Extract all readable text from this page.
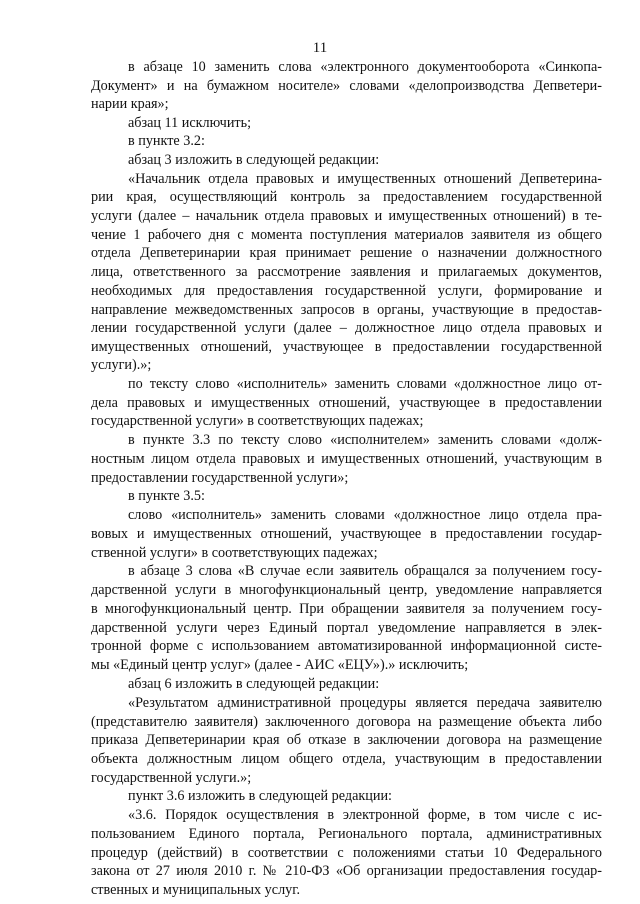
11
в абзаце 10 заменить слова «электронного документооборота «Синкопа-
Документ» и на бумажном носителе» словами «делопроизводства Депветери-
нарии края»;
абзац 11 исключить;
в пункте 3.2:
абзац 3 изложить в следующей редакции:
«Начальник отдела правовых и имущественных отношений Депветерина-
рии края, осуществляющий контроль за предоставлением государственной
услуги (далее – начальник отдела правовых и имущественных отношений) в те-
чение 1 рабочего дня с момента поступления материалов заявителя из общего
отдела Депветеринарии края принимает решение о назначении должностного
лица, ответственного за рассмотрение заявления и прилагаемых документов,
необходимых для предоставления государственной услуги, формирование и
направление межведомственных запросов в органы, участвующие в предостав-
лении государственной услуги (далее – должностное лицо отдела правовых и
имущественных отношений, участвующее в предоставлении государственной
услуги).»;
по тексту слово «исполнитель» заменить словами «должностное лицо от-
дела правовых и имущественных отношений, участвующее в предоставлении
государственной услуги» в соответствующих падежах;
в пункте 3.3 по тексту слово «исполнителем» заменить словами «долж-
ностным лицом отдела правовых и имущественных отношений, участвующим в
предоставлении государственной услуги»;
в пункте 3.5:
слово «исполнитель» заменить словами «должностное лицо отдела пра-
вовых и имущественных отношений, участвующее в предоставлении государ-
ственной услуги» в соответствующих падежах;
в абзаце 3 слова «В случае если заявитель обращался за получением госу-
дарственной услуги в многофункциональный центр, уведомление направляется
в многофункциональный центр. При обращении заявителя за получением госу-
дарственной услуги через Единый портал уведомление направляется в элек-
тронной форме с использованием автоматизированной информационной систе-
мы «Единый центр услуг» (далее - АИС «ЕЦУ»).» исключить;
абзац 6 изложить в следующей редакции:
«Результатом административной процедуры является передача заявителю
(представителю заявителя) заключенного договора на размещение объекта либо
приказа Депветеринарии края об отказе в заключении договора на размещение
объекта должностным лицом общего отдела, участвующим в предоставлении
государственной услуги.»;
пункт 3.6 изложить в следующей редакции:
«3.6. Порядок осуществления в электронной форме, в том числе с ис-
пользованием Единого портала, Регионального портала, административных
процедур (действий) в соответствии с положениями статьи 10 Федерального
закона от 27 июля 2010 г. № 210-ФЗ «Об организации предоставления государ-
ственных и муниципальных услуг.
